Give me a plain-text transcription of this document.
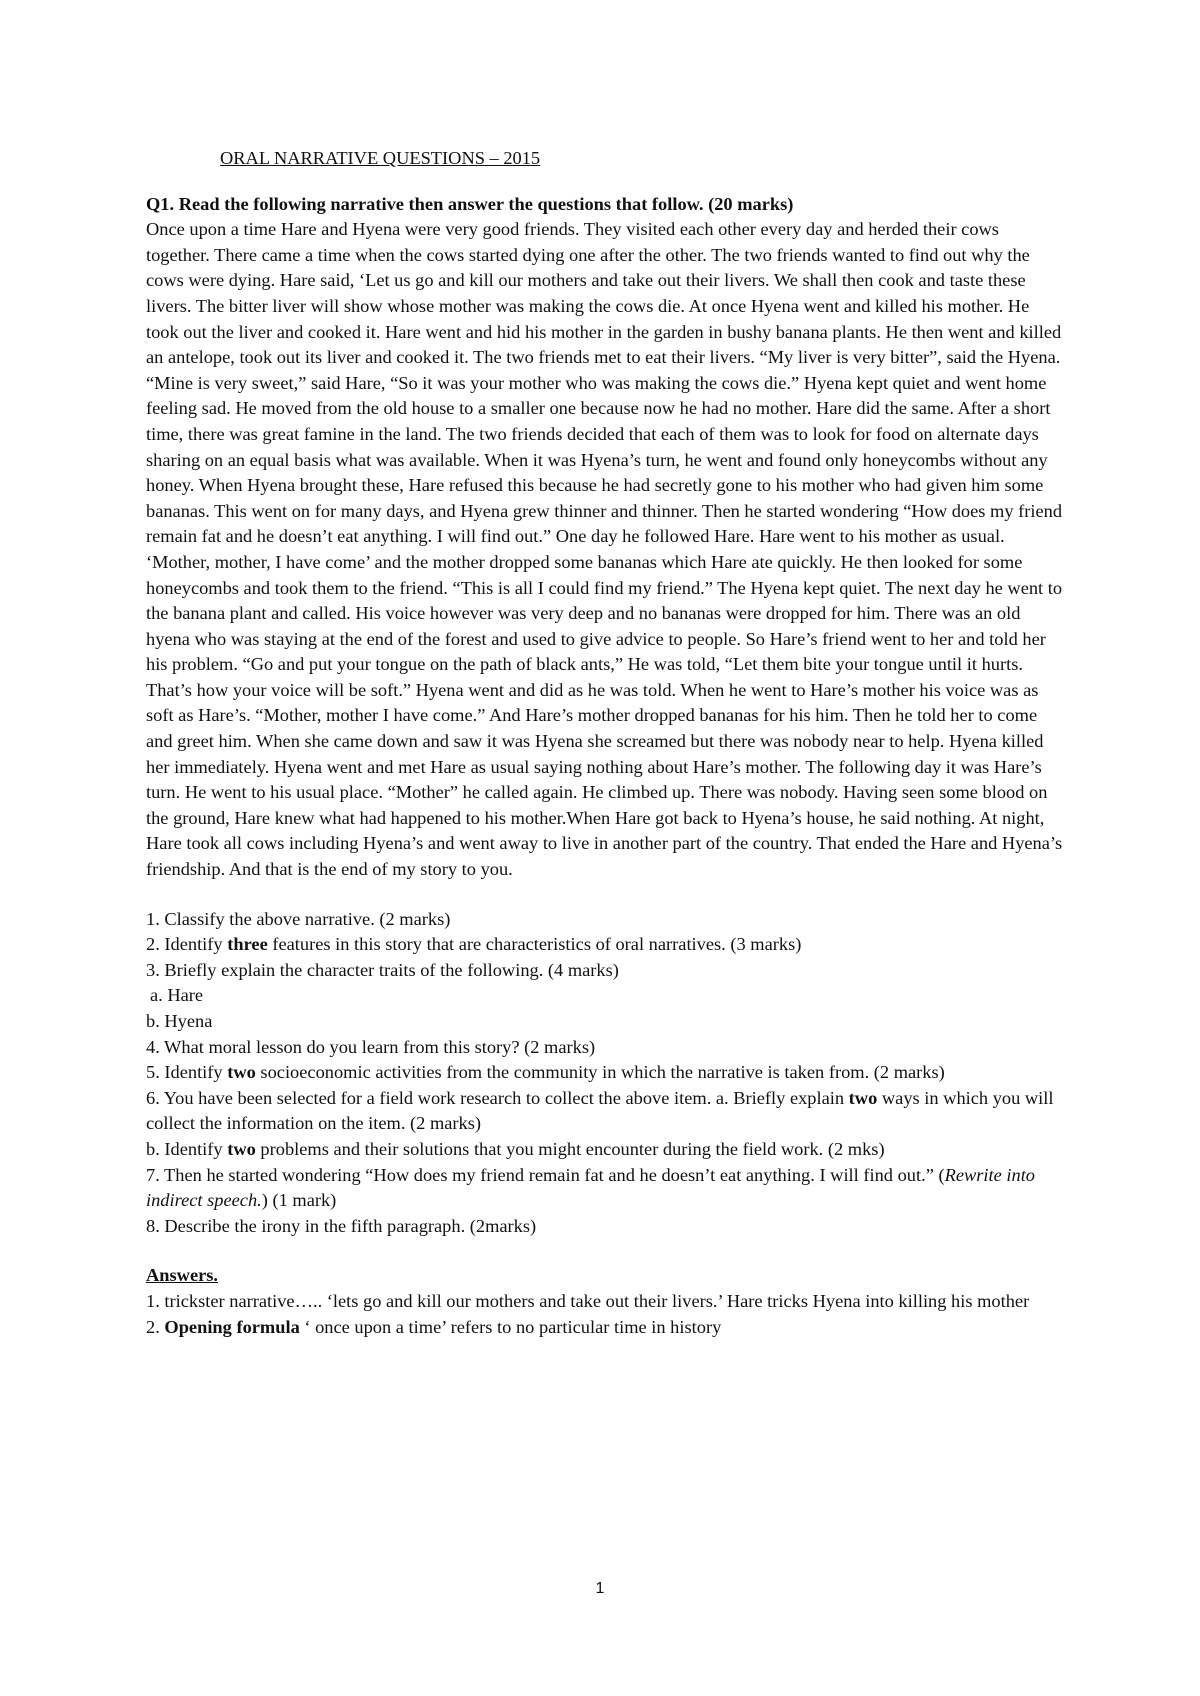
ORAL NARRATIVE QUESTIONS – 2015
Q1. Read the following narrative then answer the questions that follow. (20 marks)

Once upon a time Hare and Hyena were very good friends. They visited each other every day and herded their cows together. There came a time when the cows started dying one after the other. The two friends wanted to find out why the cows were dying. Hare said, ‘Let us go and kill our mothers and take out their livers. We shall then cook and taste these livers. The bitter liver will show whose mother was making the cows die. At once Hyena went and killed his mother. He took out the liver and cooked it. Hare went and hid his mother in the garden in bushy banana plants. He then went and killed an antelope, took out its liver and cooked it. The two friends met to eat their livers. “My liver is very bitter”, said the Hyena. “Mine is very sweet,” said Hare, “So it was your mother who was making the cows die.” Hyena kept quiet and went home feeling sad. He moved from the old house to a smaller one because now he had no mother. Hare did the same. After a short time, there was great famine in the land. The two friends decided that each of them was to look for food on alternate days sharing on an equal basis what was available. When it was Hyena’s turn, he went and found only honeycombs without any honey. When Hyena brought these, Hare refused this because he had secretly gone to his mother who had given him some bananas. This went on for many days, and Hyena grew thinner and thinner. Then he started wondering “How does my friend remain fat and he doesn’t eat anything. I will find out.” One day he followed Hare. Hare went to his mother as usual. ‘Mother, mother, I have come’ and the mother dropped some bananas which Hare ate quickly. He then looked for some honeycombs and took them to the friend. “This is all I could find my friend.” The Hyena kept quiet. The next day he went to the banana plant and called. His voice however was very deep and no bananas were dropped for him. There was an old hyena who was staying at the end of the forest and used to give advice to people. So Hare’s friend went to her and told her his problem. “Go and put your tongue on the path of black ants,” He was told, “Let them bite your tongue until it hurts. That’s how your voice will be soft.” Hyena went and did as he was told. When he went to Hare’s mother his voice was as soft as Hare’s. “Mother, mother I have come.” And Hare’s mother dropped bananas for his him. Then he told her to come and greet him. When she came down and saw it was Hyena she screamed but there was nobody near to help. Hyena killed her immediately. Hyena went and met Hare as usual saying nothing about Hare’s mother. The following day it was Hare’s turn. He went to his usual place. “Mother” he called again. He climbed up. There was nobody. Having seen some blood on the ground, Hare knew what had happened to his mother.When Hare got back to Hyena’s house, he said nothing. At night, Hare took all cows including Hyena’s and went away to live in another part of the country. That ended the Hare and Hyena’s friendship. And that is the end of my story to you.

1. Classify the above narrative. (2 marks)
2. Identify three features in this story that are characteristics of oral narratives. (3 marks)
3. Briefly explain the character traits of the following. (4 marks)
a. Hare
b. Hyena
4. What moral lesson do you learn from this story? (2 marks)
5. Identify two socioeconomic activities from the community in which the narrative is taken from. (2 marks)
6. You have been selected for a field work research to collect the above item. a. Briefly explain two ways in which you will collect the information on the item. (2 marks)
b. Identify two problems and their solutions that you might encounter during the field work. (2 mks)
7. Then he started wondering “How does my friend remain fat and he doesn’t eat anything. I will find out.” (Rewrite into indirect speech.) (1 mark)
8. Describe the irony in the fifth paragraph. (2marks)
Answers.
1. trickster narrative….. ‘lets go and kill our mothers and take out their livers.’ Hare tricks Hyena into killing his mother
2. Opening formula ‘ once upon a time’ refers to no particular time in history
1
